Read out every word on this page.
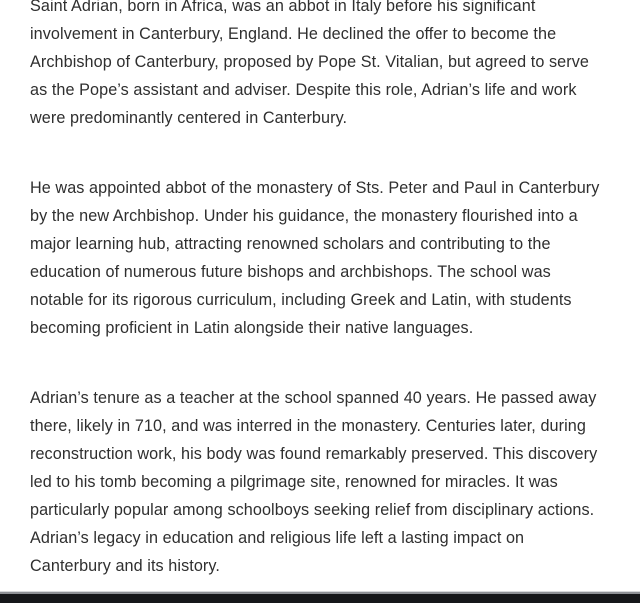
Saint Adrian, born in Africa, was an abbot in Italy before his significant involvement in Canterbury, England. He declined the offer to become the Archbishop of Canterbury, proposed by Pope St. Vitalian, but agreed to serve as the Pope’s assistant and adviser. Despite this role, Adrian’s life and work were predominantly centered in Canterbury.

He was appointed abbot of the monastery of Sts. Peter and Paul in Canterbury by the new Archbishop. Under his guidance, the monastery flourished into a major learning hub, attracting renowned scholars and contributing to the education of numerous future bishops and archbishops. The school was notable for its rigorous curriculum, including Greek and Latin, with students becoming proficient in Latin alongside their native languages.

Adrian’s tenure as a teacher at the school spanned 40 years. He passed away there, likely in 710, and was interred in the monastery. Centuries later, during reconstruction work, his body was found remarkably preserved. This discovery led to his tomb becoming a pilgrimage site, renowned for miracles. It was particularly popular among schoolboys seeking relief from disciplinary actions. Adrian’s legacy in education and religious life left a lasting impact on Canterbury and its history.
